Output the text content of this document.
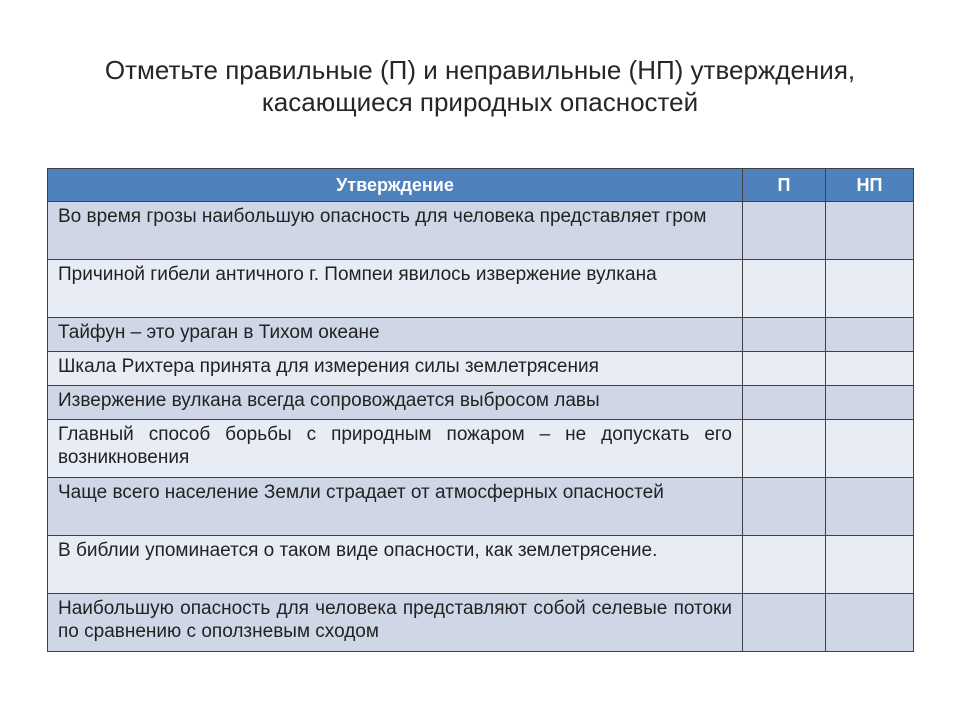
Отметьте правильные (П) и неправильные (НП) утверждения,
касающиеся природных опасностей
Утверждение	П	НП
Во время грозы наибольшую опасность для человека представляет гром		
Причиной гибели античного г. Помпеи явилось извержение вулкана		
Тайфун – это ураган в Тихом океане		
Шкала Рихтера принята для измерения силы землетрясения		
Извержение вулкана всегда сопровождается выбросом лавы		
Главный способ борьбы с природным пожаром – не допускать его возникновения		
Чаще всего население Земли страдает от атмосферных опасностей		
В библии упоминается о таком виде опасности, как землетрясение.		
Наибольшую опасность для человека представляют собой селевые потоки по сравнению с оползневым сходом		
